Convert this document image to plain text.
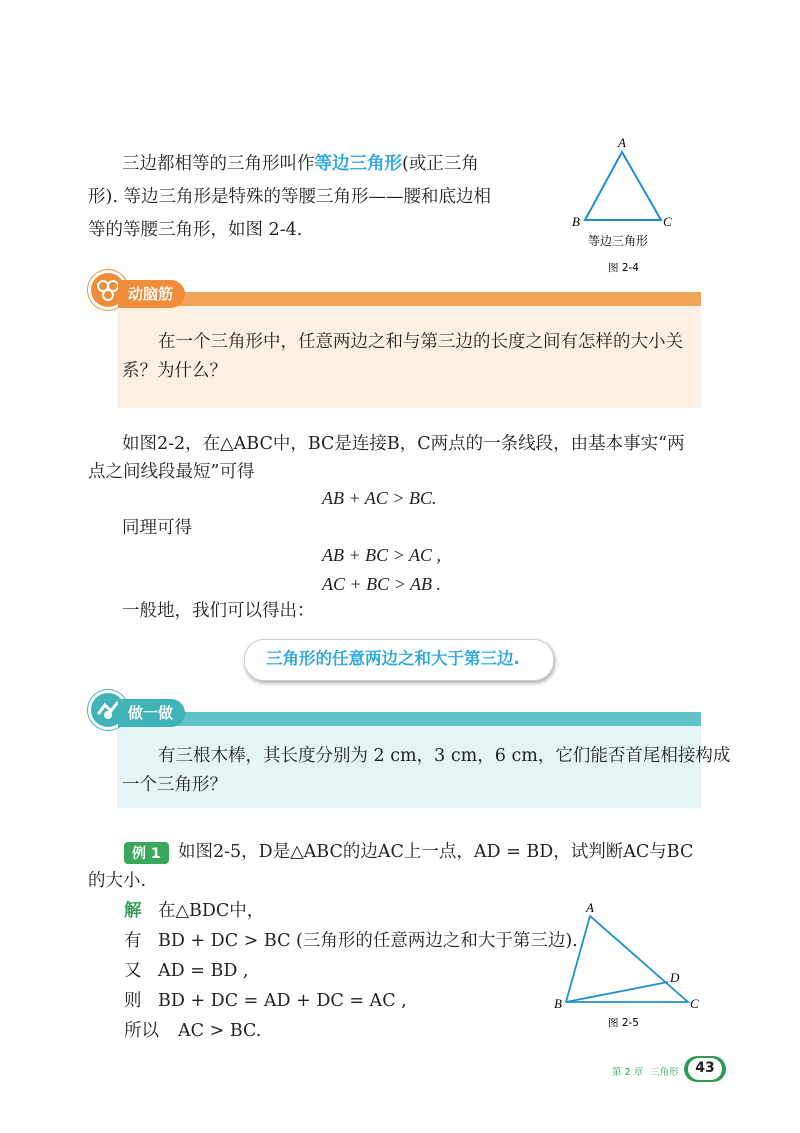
三边都相等的三角形叫作等边三角形(或正三角
形). 等边三角形是特殊的等腰三角形——腰和底边相
等的等腰三角形，如图 2-4.
A
B	C
等边三角形
图 2-4
动脑筋
在一个三角形中，任意两边之和与第三边的长度之间有怎样的大小关
系？为什么？
如图2-2，在△ABC中，BC是连接B，C两点的一条线段，由基本事实“两
点之间线段最短”可得
AB + AC > BC.
同理可得
AB + BC > AC ,
AC + BC > AB .
一般地，我们可以得出：
三角形的任意两边之和大于第三边.
做一做
有三根木棒，其长度分别为 2 cm，3 cm，6 cm，它们能否首尾相接构成
一个三角形？
例 1 如图2-5，D是△ABC的边AC上一点，AD = BD，试判断AC与BC
的大小.
解 在△BDC中，
有 BD + DC > BC (三角形的任意两边之和大于第三边).
又 AD = BD ,
则 BD + DC = AD + DC = AC ,
所以 AC > BC.
A
B	C
D
图 2-5
第 2 章 三角形	43
